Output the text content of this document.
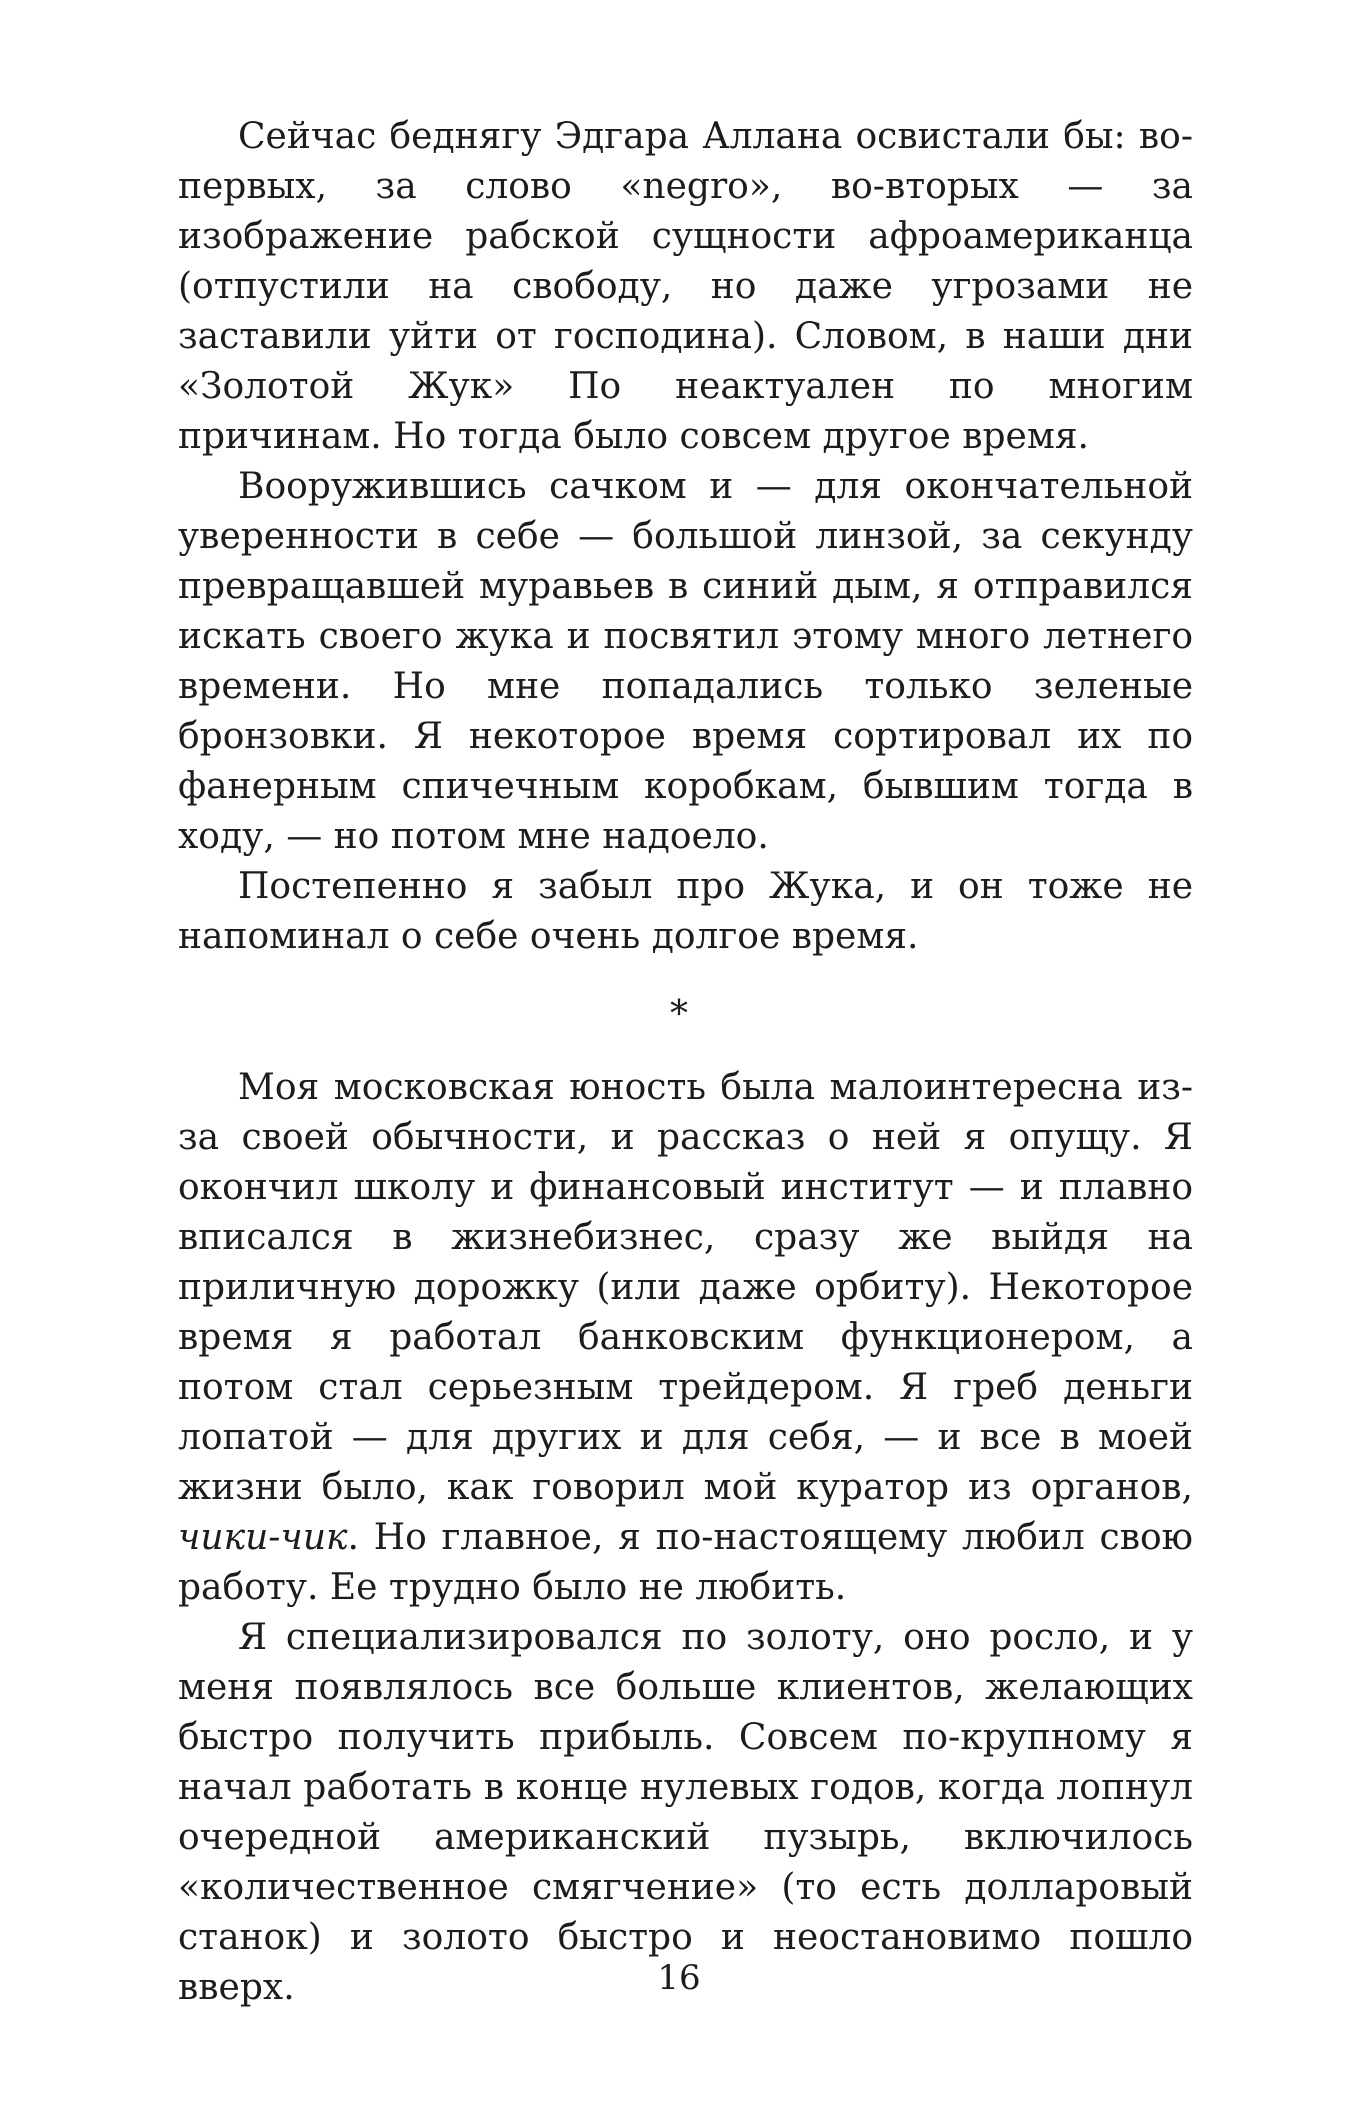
Сейчас беднягу Эдгара Аллана освистали бы: во-первых, за слово «negro», во-вторых — за изображение рабской сущности афроамериканца (отпустили на свободу, но даже угрозами не заставили уйти от господина). Словом, в наши дни «Золотой Жук» По неактуален по многим причинам. Но тогда было совсем другое время.

Вооружившись сачком и — для окончательной уверенности в себе — большой линзой, за секунду превращавшей муравьев в синий дым, я отправился искать своего жука и посвятил этому много летнего времени. Но мне попадались только зеленые бронзовки. Я некоторое время сортировал их по фанерным спичечным коробкам, бывшим тогда в ходу, — но потом мне надоело.

Постепенно я забыл про Жука, и он тоже не напоминал о себе очень долгое время.

*

Моя московская юность была малоинтересна из-за своей обычности, и рассказ о ней я опущу. Я окончил школу и финансовый институт — и плавно вписался в жизнебизнес, сразу же выйдя на приличную дорожку (или даже орбиту). Некоторое время я работал банковским функционером, а потом стал серьезным трейдером. Я греб деньги лопатой — для других и для себя, — и все в моей жизни было, как говорил мой куратор из органов, чики-чик. Но главное, я по-настоящему любил свою работу. Ее трудно было не любить.

Я специализировался по золоту, оно росло, и у меня появлялось все больше клиентов, желающих быстро получить прибыль. Совсем по-крупному я начал работать в конце нулевых годов, когда лопнул очередной американский пузырь, включилось «количественное смягчение» (то есть долларовый станок) и золото быстро и неостановимо пошло вверх.	16
